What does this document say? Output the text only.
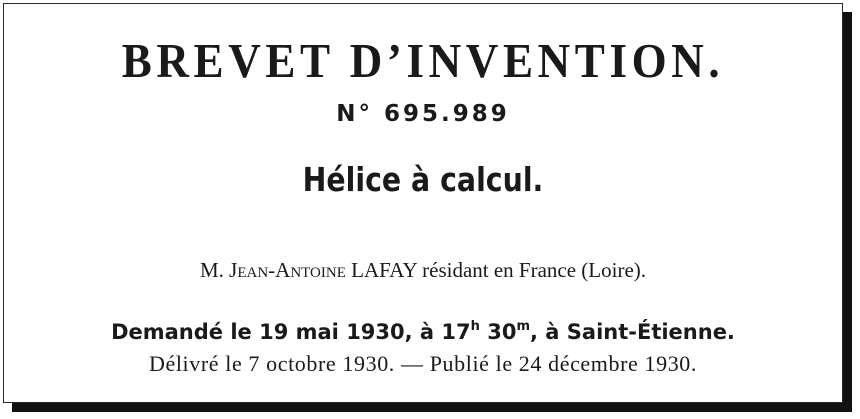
BREVET D’INVENTION.
N° 695.989
Hélice à calcul.
M. Jean-Antoine LAFAY résidant en France (Loire).
Demandé le 19 mai 1930, à 17$^h$ 30$^m$, à Saint-Étienne.
Délivré le 7 octobre 1930. — Publié le 24 décembre 1930.
